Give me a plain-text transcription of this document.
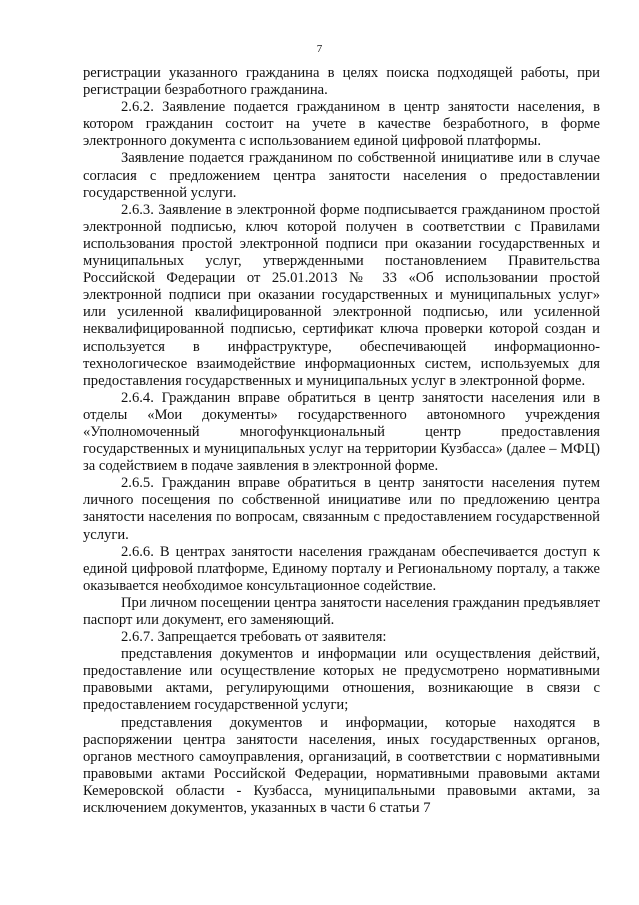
7

регистрации указанного гражданина в целях поиска подходящей работы, при регистрации безработного гражданина.

2.6.2. Заявление подается гражданином в центр занятости населения, в котором гражданин состоит на учете в качестве безработного, в форме электронного документа с использованием единой цифровой платформы.

Заявление подается гражданином по собственной инициативе или в случае согласия с предложением центра занятости населения о предоставлении государственной услуги.

2.6.3. Заявление в электронной форме подписывается гражданином простой электронной подписью, ключ которой получен в соответствии с Правилами использования простой электронной подписи при оказании государственных и муниципальных услуг, утвержденными постановлением Правительства Российской Федерации от 25.01.2013 № 33 «Об использовании простой электронной подписи при оказании государственных и муниципальных услуг» или усиленной квалифицированной электронной подписью, или усиленной неквалифицированной подписью, сертификат ключа проверки которой создан и используется в инфраструктуре, обеспечивающей информационно-технологическое взаимодействие информационных систем, используемых для предоставления государственных и муниципальных услуг в электронной форме.

2.6.4. Гражданин вправе обратиться в центр занятости населения или в отделы «Мои документы» государственного автономного учреждения «Уполномоченный многофункциональный центр предоставления государственных и муниципальных услуг на территории Кузбасса» (далее – МФЦ) за содействием в подаче заявления в электронной форме.

2.6.5. Гражданин вправе обратиться в центр занятости населения путем личного посещения по собственной инициативе или по предложению центра занятости населения по вопросам, связанным с предоставлением государственной услуги.

2.6.6. В центрах занятости населения гражданам обеспечивается доступ к единой цифровой платформе, Единому порталу и Региональному порталу, а также оказывается необходимое консультационное содействие.

При личном посещении центра занятости населения гражданин предъявляет паспорт или документ, его заменяющий.

2.6.7. Запрещается требовать от заявителя:

представления документов и информации или осуществления действий, предоставление или осуществление которых не предусмотрено нормативными правовыми актами, регулирующими отношения, возникающие в связи с предоставлением государственной услуги;

представления документов и информации, которые находятся в распоряжении центра занятости населения, иных государственных органов, органов местного самоуправления, организаций, в соответствии с нормативными правовыми актами Российской Федерации, нормативными правовыми актами Кемеровской области - Кузбасса, муниципальными правовыми актами, за исключением документов, указанных в части 6 статьи 7
